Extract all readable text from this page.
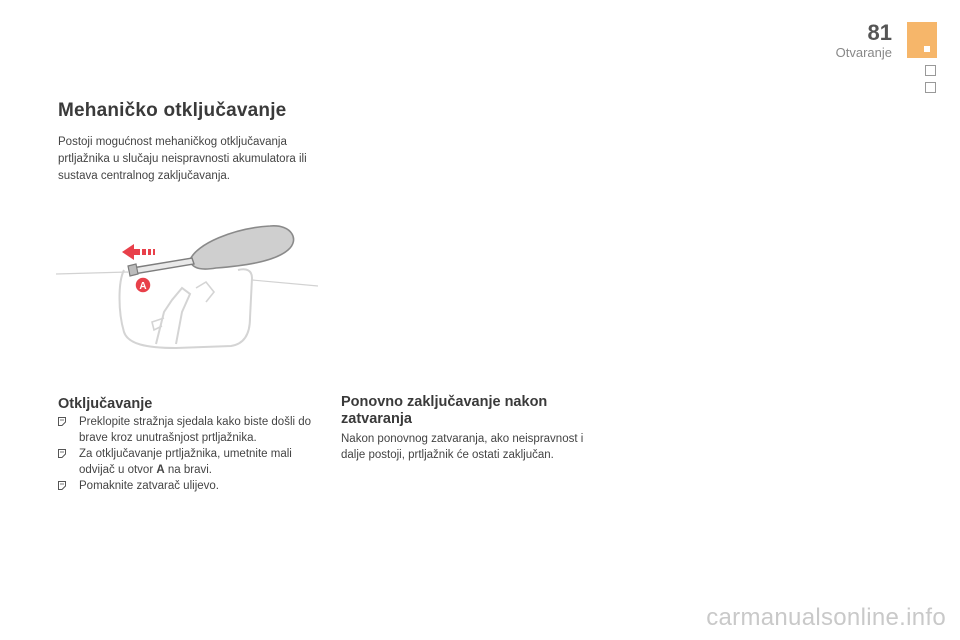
81
Otvaranje
Mehaničko otključavanje
Postoji mogućnost mehaničkog otključavanja prtljažnika u slučaju neispravnosti akumulatora ili sustava centralnog zaključavanja.
A
Otključavanje
Preklopite stražnja sjedala kako biste došli do brave kroz unutrašnjost prtljažnika.
Za otključavanje prtljažnika, umetnite mali odvijač u otvor A na bravi.
Pomaknite zatvarač ulijevo.
Ponovno zaključavanje nakon zatvaranja
Nakon ponovnog zatvaranja, ako neispravnost i dalje postoji, prtljažnik će ostati zaključan.
carmanualsonline.info
